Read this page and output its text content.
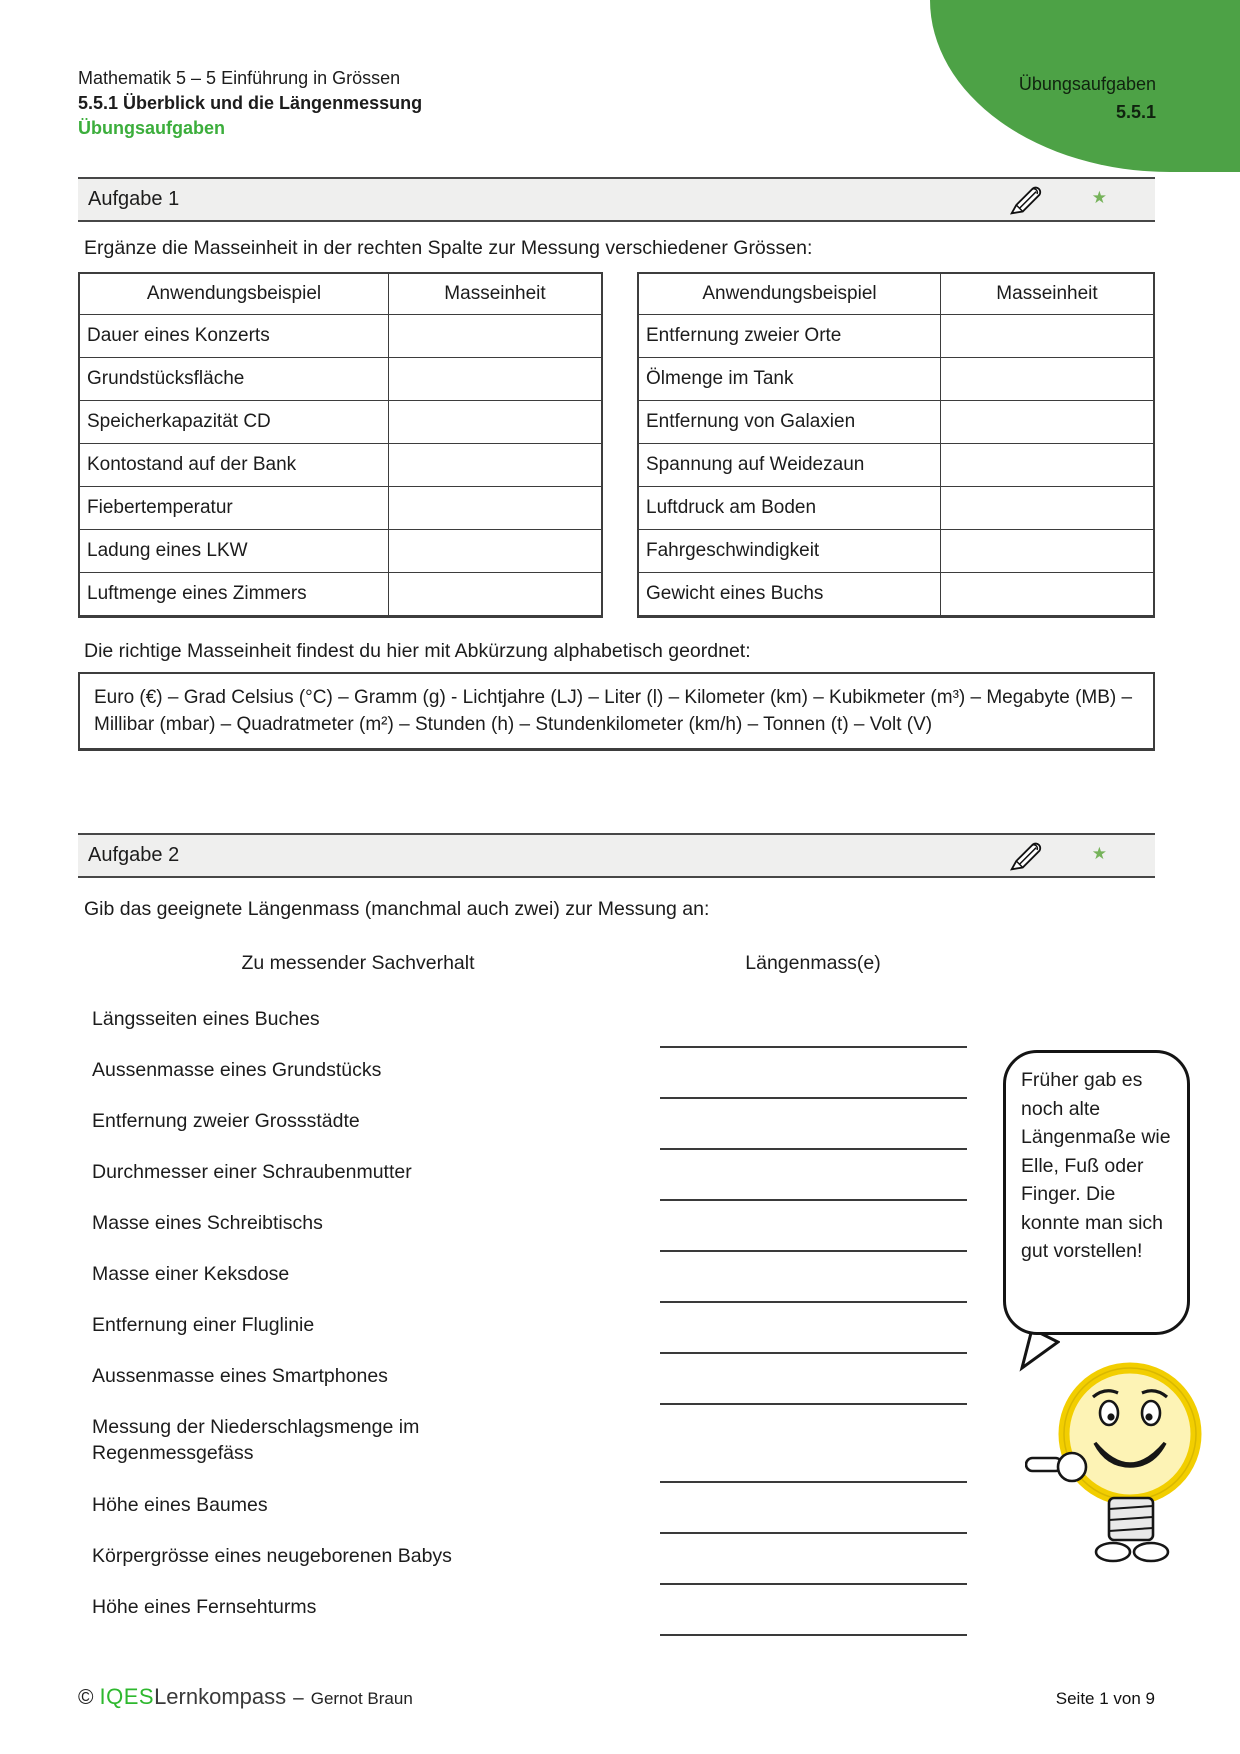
Mathematik 5 – 5 Einführung in Grössen
5.5.1 Überblick und die Längenmessung
Übungsaufgaben
Übungsaufgaben
5.5.1
Aufgabe 1	★
Ergänze die Masseinheit in der rechten Spalte zur Messung verschiedener Grössen:
Anwendungsbeispiel	Masseinheit
Dauer eines Konzerts
Grundstücksfläche
Speicherkapazität CD
Kontostand auf der Bank
Fiebertemperatur
Ladung eines LKW
Luftmenge eines Zimmers
Anwendungsbeispiel	Masseinheit
Entfernung zweier Orte
Ölmenge im Tank
Entfernung von Galaxien
Spannung auf Weidezaun
Luftdruck am Boden
Fahrgeschwindigkeit
Gewicht eines Buchs
Die richtige Masseinheit findest du hier mit Abkürzung alphabetisch geordnet:
Euro (€) – Grad Celsius (°C) – Gramm (g) - Lichtjahre (LJ) – Liter (l) – Kilometer (km) – Kubikmeter (m³) – Megabyte (MB) – Millibar (mbar) – Quadratmeter (m²) – Stunden (h) – Stundenkilometer (km/h) – Tonnen (t) – Volt (V)
Aufgabe 2	★
Gib das geeignete Längenmass (manchmal auch zwei) zur Messung an:
Zu messender Sachverhalt	Längenmass(e)
Längsseiten eines Buches
Aussenmasse eines Grundstücks
Entfernung zweier Grossstädte
Durchmesser einer Schraubenmutter
Masse eines Schreibtischs
Masse einer Keksdose
Entfernung einer Fluglinie
Aussenmasse eines Smartphones
Messung der Niederschlagsmenge im Regenmessgefäss
Höhe eines Baumes
Körpergrösse eines neugeborenen Babys
Höhe eines Fernsehturms
Früher gab es noch alte Längenmaße wie Elle, Fuß oder Finger. Die konnte man sich gut vorstellen!
© IQES Lernkompass – Gernot Braun	Seite 1 von 9
